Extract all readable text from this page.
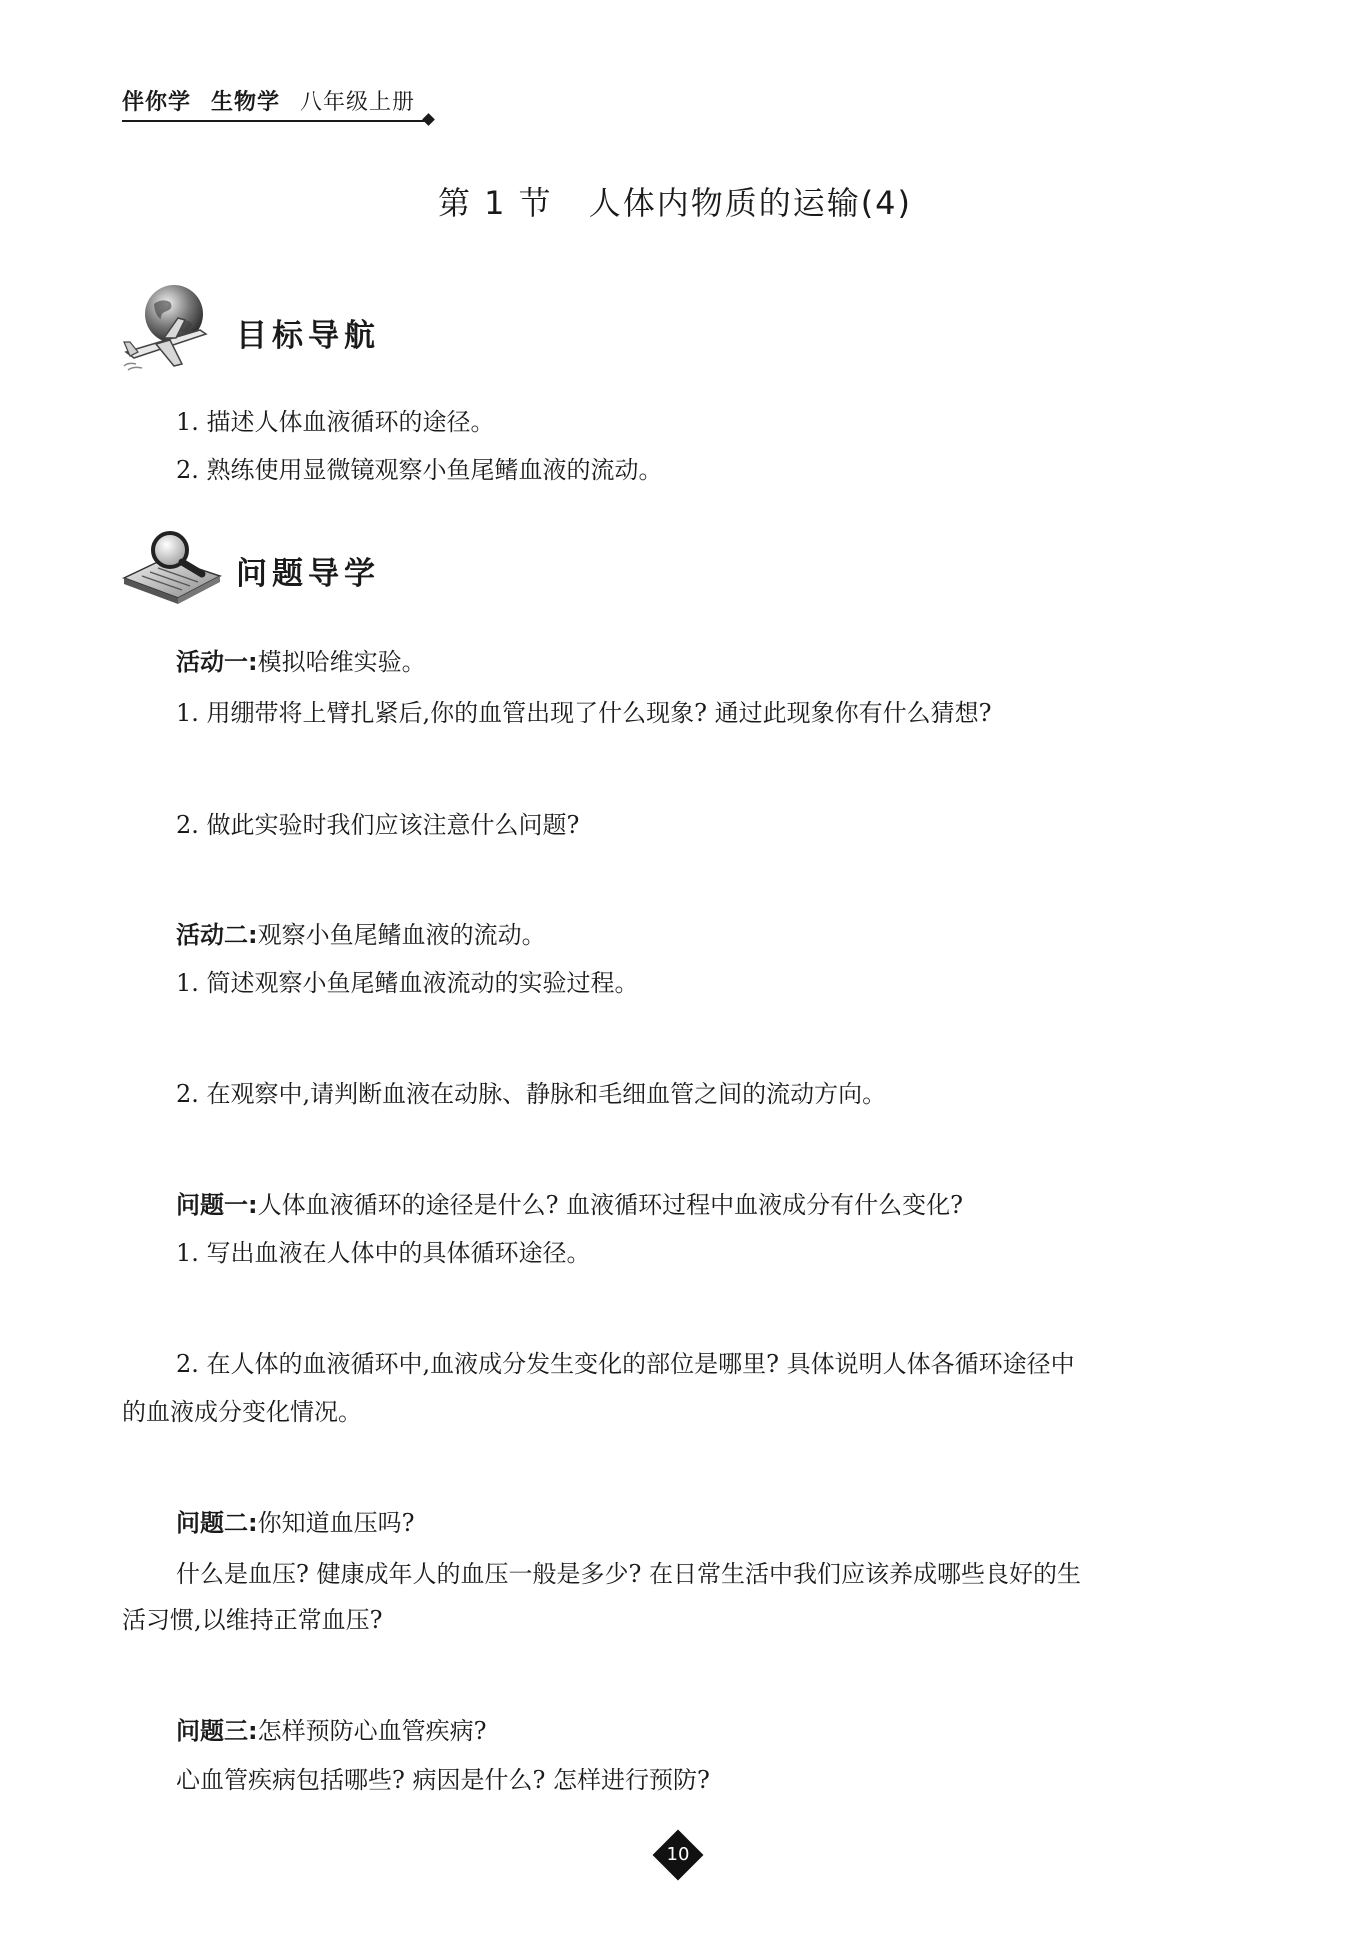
伴你学 生物学 八年级上册
第 1 节 人体内物质的运输(4)
目标导航
1. 描述人体血液循环的途径。
2. 熟练使用显微镜观察小鱼尾鳍血液的流动。
问题导学
活动一:模拟哈维实验。
1. 用绷带将上臂扎紧后,你的血管出现了什么现象? 通过此现象你有什么猜想?
2. 做此实验时我们应该注意什么问题?
活动二:观察小鱼尾鳍血液的流动。
1. 简述观察小鱼尾鳍血液流动的实验过程。
2. 在观察中,请判断血液在动脉、静脉和毛细血管之间的流动方向。
问题一:人体血液循环的途径是什么? 血液循环过程中血液成分有什么变化?
1. 写出血液在人体中的具体循环途径。
2. 在人体的血液循环中,血液成分发生变化的部位是哪里? 具体说明人体各循环途径中
的血液成分变化情况。
问题二:你知道血压吗?
什么是血压? 健康成年人的血压一般是多少? 在日常生活中我们应该养成哪些良好的生
活习惯,以维持正常血压?
问题三:怎样预防心血管疾病?
心血管疾病包括哪些? 病因是什么? 怎样进行预防?
10
